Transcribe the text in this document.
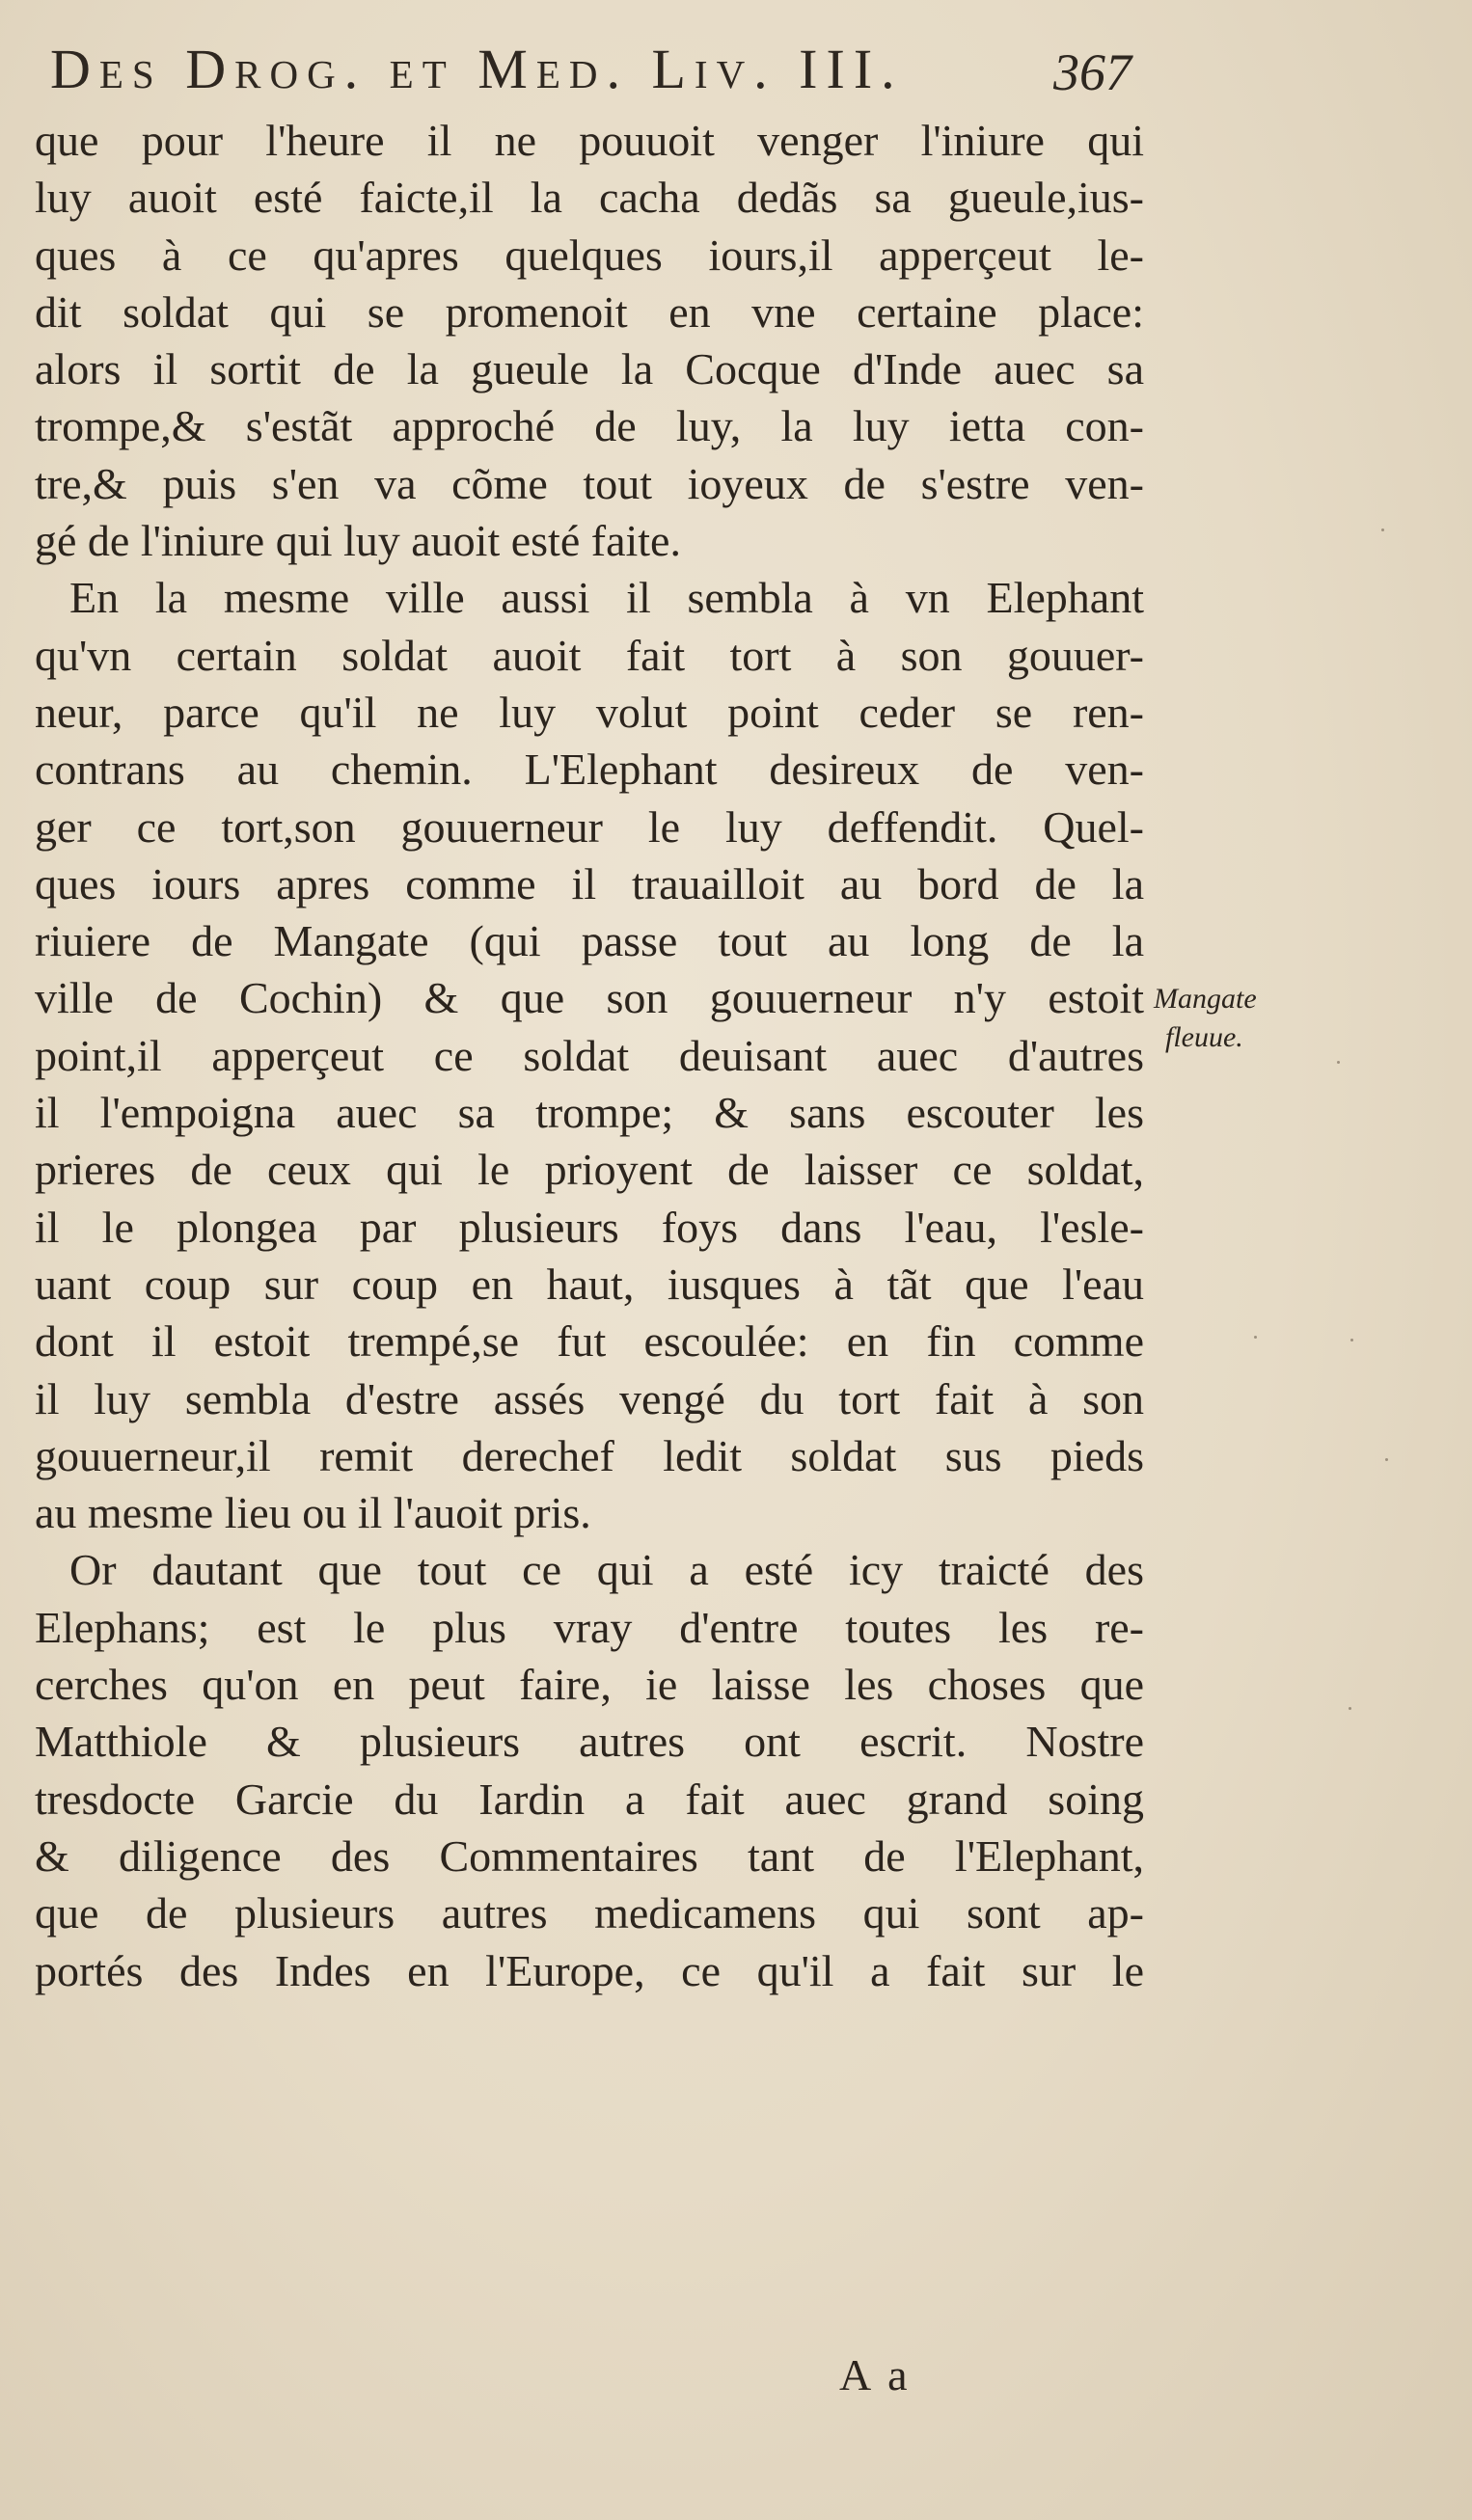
Des Drog. et Med. Liv. III.	367
que pour l'heure il ne pouuoit venger l'iniure qui
luy auoit esté faicte,il la cacha dedãs sa gueule,ius-
ques à ce qu'apres quelques iours,il apperçeut le-
dit soldat qui se promenoit en vne certaine place:
alors il sortit de la gueule la Cocque d'Inde auec sa
trompe,& s'estãt approché de luy, la luy ietta con-
tre,& puis s'en va cõme tout ioyeux de s'estre ven-
gé de l'iniure qui luy auoit esté faite.
En la mesme ville aussi il sembla à vn Elephant
qu'vn certain soldat auoit fait tort à son gouuer-
neur, parce qu'il ne luy volut point ceder se ren-
contrans au chemin. L'Elephant desireux de ven-
ger ce tort,son gouuerneur le luy deffendit. Quel-
ques iours apres comme il trauailloit au bord de la
riuiere de Mangate (qui passe tout au long de la
ville de Cochin) & que son gouuerneur n'y estoit
point,il apperçeut ce soldat deuisant auec d'autres
il l'empoigna auec sa trompe; & sans escouter les
prieres de ceux qui le prioyent de laisser ce soldat,
il le plongea par plusieurs foys dans l'eau, l'esle-
uant coup sur coup en haut, iusques à tãt que l'eau
dont il estoit trempé,se fut escoulée: en fin comme
il luy sembla d'estre assés vengé du tort fait à son
gouuerneur,il remit derechef ledit soldat sus pieds
au mesme lieu ou il l'auoit pris.
Or dautant que tout ce qui a esté icy traicté des
Elephans; est le plus vray d'entre toutes les re-
cerches qu'on en peut faire, ie laisse les choses que
Matthiole & plusieurs autres ont escrit. Nostre
tresdocte Garcie du Iardin a fait auec grand soing
& diligence des Commentaires tant de l'Elephant,
que de plusieurs autres medicamens qui sont ap-
portés des Indes en l'Europe, ce qu'il a fait sur le
Mangate
fleuue.
A a
